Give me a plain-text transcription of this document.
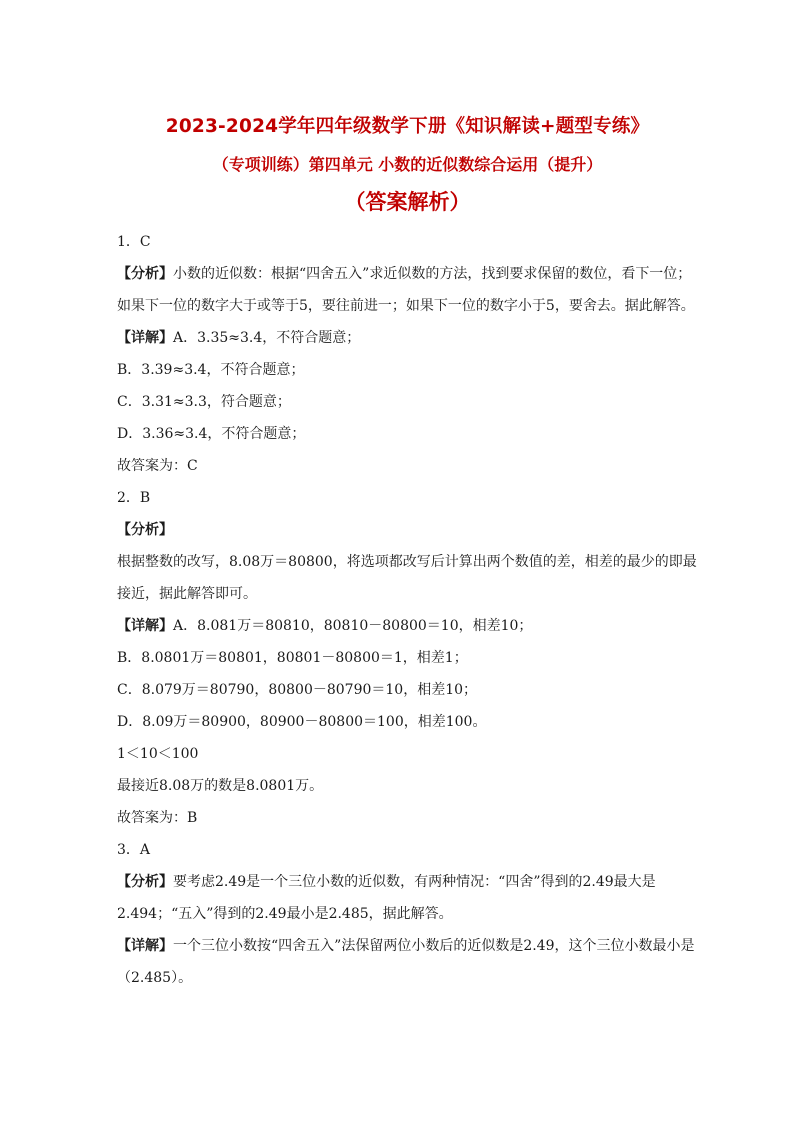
2023-2024学年四年级数学下册《知识解读+题型专练》
（专项训练）第四单元 小数的近似数综合运用（提升）
（答案解析）
1．C
【分析】小数的近似数：根据“四舍五入”求近似数的方法，找到要求保留的数位，看下一位；如果下一位的数字大于或等于5，要往前进一；如果下一位的数字小于5，要舍去。据此解答。
【详解】A．3.35≈3.4，不符合题意；
B．3.39≈3.4，不符合题意；
C．3.31≈3.3，符合题意；
D．3.36≈3.4，不符合题意；
故答案为：C
2．B
【分析】
根据整数的改写，8.08万＝80800，将选项都改写后计算出两个数值的差，相差的最少的即最接近，据此解答即可。
【详解】A．8.081万＝80810，80810－80800＝10，相差10；
B．8.0801万＝80801，80801－80800＝1，相差1；
C．8.079万＝80790，80800－80790＝10，相差10；
D．8.09万＝80900，80900－80800＝100，相差100。
1＜10＜100
最接近8.08万的数是8.0801万。
故答案为：B
3．A
【分析】要考虑2.49是一个三位小数的近似数，有两种情况：“四舍”得到的2.49最大是2.494；“五入”得到的2.49最小是2.485，据此解答。
【详解】一个三位小数按“四舍五入”法保留两位小数后的近似数是2.49，这个三位小数最小是（2.485）。
